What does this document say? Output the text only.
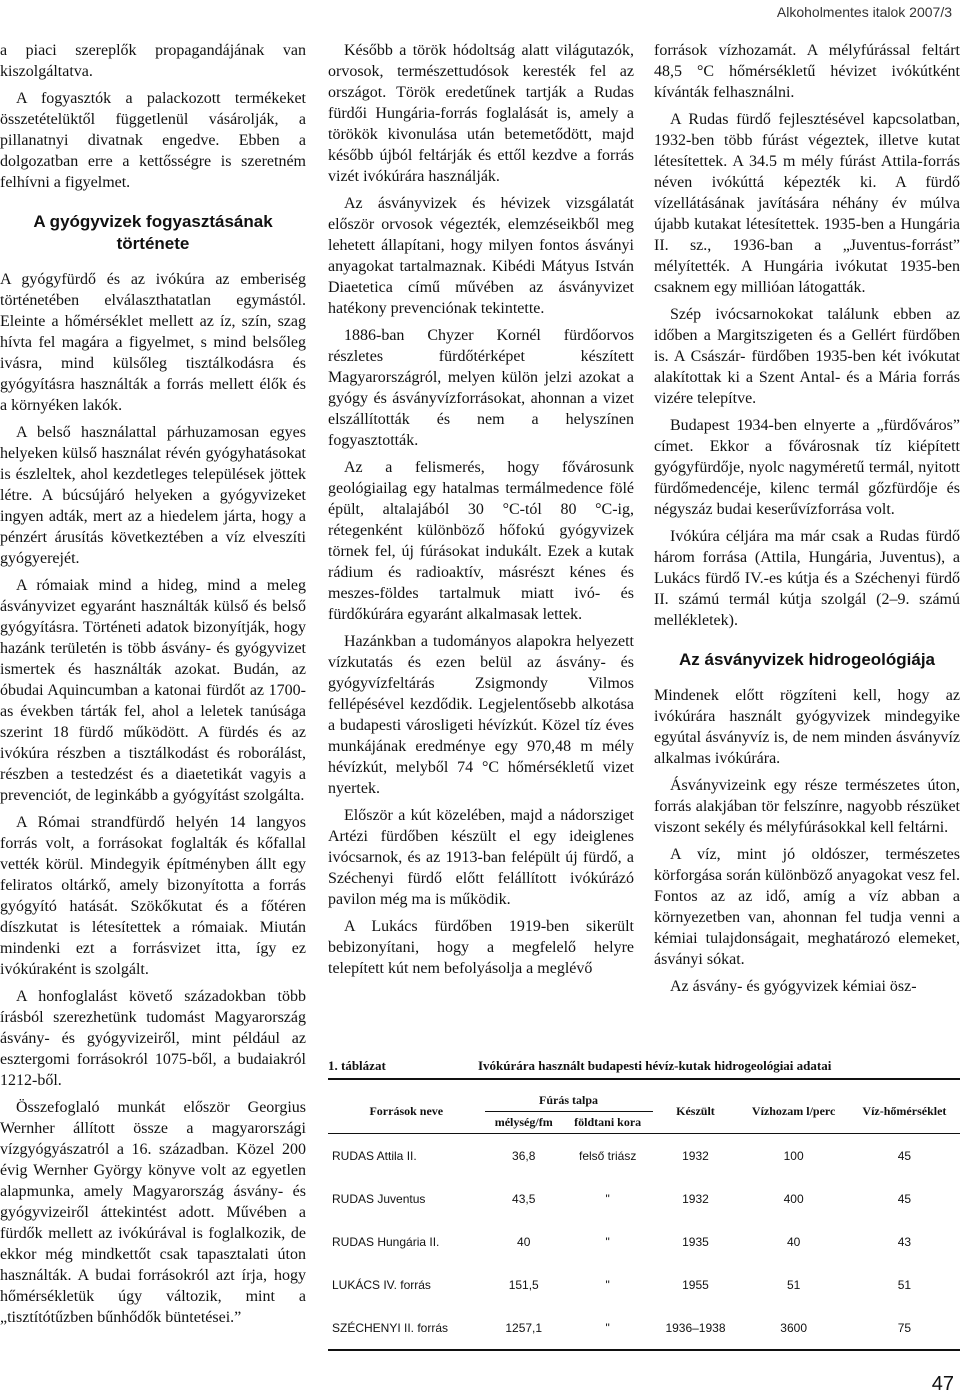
Alkoholmentes italok 2007/3

a piaci szereplők propagandájának van kiszolgáltatva.

A fogyasztók a palackozott termékeket összetételüktől függetlenül vásárolják, a pillanatnyi divatnak engedve. Ebben a dolgozatban erre a kettősségre is szeretném felhívni a figyelmet.

A gyógyvizek fogyasztásának története

A gyógyfürdő és az ivókúra az emberiség történetében elválaszthatatlan egymástól. Eleinte a hőmérséklet mellett az íz, szín, szag hívta fel magára a figyelmet, s mind belsőleg ivásra, mind külsőleg tisztálkodásra és gyógyításra használták a forrás mellett élők és a környéken lakók.

A belső használattal párhuzamosan egyes helyeken külső használat révén gyógyhatásokat is észleltek, ahol kezdetleges települések jöttek létre. A búcsújáró helyeken a gyógyvizeket ingyen adták, mert az a hiedelem járta, hogy a pénzért árusítás következtében a víz elveszíti gyógyerejét.

A rómaiak mind a hideg, mind a meleg ásványvizet egyaránt használták külső és belső gyógyításra. Történeti adatok bizonyítják, hogy hazánk területén is több ásvány- és gyógyvizet ismertek és használták azokat. Budán, az óbudai Aquincumban a katonai fürdőt az 1700-as években tárták fel, ahol a leletek tanúsága szerint 18 fürdő működött. A fürdés és az ivókúra részben a tisztálkodást és roborálást, részben a testedzést és a diaetetikát vagyis a prevenciót, de leginkább a gyógyítást szolgálta.

A Római strandfürdő helyén 14 langyos forrás volt, a forrásokat foglalták és kőfallal vették körül. Mindegyik építményben állt egy feliratos oltárkő, amely bizonyította a forrás gyógyító hatását. Szökőkutat és a főtéren díszkutat is létesítettek a rómaiak. Miután mindenki ezt a forrásvizet itta, így ez ivókúraként is szolgált.

A honfoglalást követő századokban több írásból szerezhetünk tudomást Magyarország ásvány- és gyógyvizeiről, mint például az esztergomi forrásokról 1075-ből, a budaiakról 1212-ből.

Összefoglaló munkát először Georgius Wernher állított össze a magyarországi vízgyógyászatról a 16. században. Közel 200 évig Wernher György könyve volt az egyetlen alapmunka, amely Magyarország ásvány- és gyógyvizeiről áttekintést adott. Művében a fürdők mellett az ivókúrával is foglalkozik, de ekkor még mindkettőt csak tapasztalati úton használták. A budai forrásokról azt írja, hogy hőmérsékletük úgy változik, mint a „tisztítótűzben bűnhődők büntetései.”

Később a török hódoltság alatt világutazók, orvosok, természettudósok keresték fel az országot. Török eredetűnek tartják a Rudas fürdői Hungária-forrás foglalását is, amely a törökök kivonulása után betemetődött, majd később újból feltárják és ettől kezdve a forrás vizét ivókúrára használják.

Az ásványvizek és hévizek vizsgálatát először orvosok végezték, elemzéseikből meg lehetett állapítani, hogy milyen fontos ásványi anyagokat tartalmaznak. Kibédi Mátyus István Diaetetica című művében az ásványvizet hatékony prevenciónak tekintette.

1886-ban Chyzer Kornél fürdőorvos részletes fürdőtérképet készített Magyarországról, melyen külön jelzi azokat a gyógy és ásványvízforrásokat, ahonnan a vizet elszállították és nem a helyszínen fogyasztották.

Az a felismerés, hogy fővárosunk geológiailag egy hatalmas termálmedence fölé épült, altalajából 30 °C-tól 80 °C-ig, rétegenként különböző hőfokú gyógyvizek törnek fel, új fúrásokat indukált. Ezek a kutak rádium és radioaktív, másrészt kénes és meszes-földes tartalmuk miatt ivó- és fürdőkúrára egyaránt alkalmasak lettek.

Hazánkban a tudományos alapokra helyezett vízkutatás és ezen belül az ásvány- és gyógyvízfeltárás Zsigmondy Vilmos fellépésével kezdődik. Legjelentősebb alkotása a budapesti városligeti hévízkút. Közel tíz éves munkájának eredménye egy 970,48 m mély hévízkút, melyből 74 °C hőmérsékletű vizet nyertek.

Először a kút közelében, majd a nádorsziget Artézi fürdőben készült el egy ideiglenes ivócsarnok, és az 1913-ban felépült új fürdő, a Széchenyi fürdő előtt felállított ivókúrázó pavilon még ma is működik.

A Lukács fürdőben 1919-ben sikerült bebizonyítani, hogy a megfelelő helyre telepített kút nem befolyásolja a meglévő

források vízhozamát. A mélyfúrással feltárt 48,5 °C hőmérsékletű hévizet ivókútként kívánták felhasználni.

A Rudas fürdő fejlesztésével kapcsolatban, 1932-ben több fúrást végeztek, illetve kutat létesítettek. A 34.5 m mély fúrást Attila-forrás néven ivókúttá képezték ki. A fürdő vízellátásának javítására néhány év múlva újabb kutakat létesítettek. 1935-ben a Hungária II. sz., 1936-ban a „Juventus-forrást” mélyítették. A Hungária ivókutat 1935-ben csaknem egy millióan látogatták.

Szép ivócsarnokokat találunk ebben az időben a Margitszigeten és a Gellért fürdőben is. A Császár- fürdőben 1935-ben két ivókutat alakítottak ki a Szent Antal- és a Mária forrás vizére telepítve.

Budapest 1934-ben elnyerte a „fürdőváros” címet. Ekkor a fővárosnak tíz kiépített gyógyfürdője, nyolc nagyméretű termál, nyitott fürdőmedencéje, kilenc termál gőzfürdője és négyszáz budai keserűvízforrása volt.

Ivókúra céljára ma már csak a Rudas fürdő három forrása (Attila, Hungária, Juventus), a Lukács fürdő IV.-es kútja és a Széchenyi fürdő II. számú termál kútja szolgál (2–9. számú mellékletek).

Az ásványvizek hidrogeológiája

Mindenek előtt rögzíteni kell, hogy az ivókúrára használt gyógyvizek mindegyike egyútal ásványvíz is, de nem minden ásványvíz alkalmas ivókúrára.

Ásványvizeink egy része természetes úton, forrás alakjában tör felszínre, nagyobb részüket viszont sekély és mélyfúrásokkal kell feltárni.

A víz, mint jó oldószer, természetes körforgása során különböző anyagokat vesz fel. Fontos az az idő, amíg a víz abban a környezetben van, ahonnan fel tudja venni a kémiai tulajdonságait, meghatározó elemeket, ásványi sókat.

Az ásvány- és gyógyvizek kémiai ösz-

1. táblázat	Ivókúrára használt budapesti hévíz-kutak hidrogeológiai adatai
Források neve	Fúrás talpa		Készült	Vízhozam l/perc	Víz-hőmérséklet
	mélység/fm	földtani kora			
RUDAS Attila II.	36,8	felső triász	1932	100	45
RUDAS Juventus	43,5	"	1932	400	45
RUDAS Hungária II.	40	"	1935	40	43
LUKÁCS IV. forrás	151,5	"	1955	51	51
SZÉCHENYI II. forrás	1257,1	"	1936–1938	3600	75
47
